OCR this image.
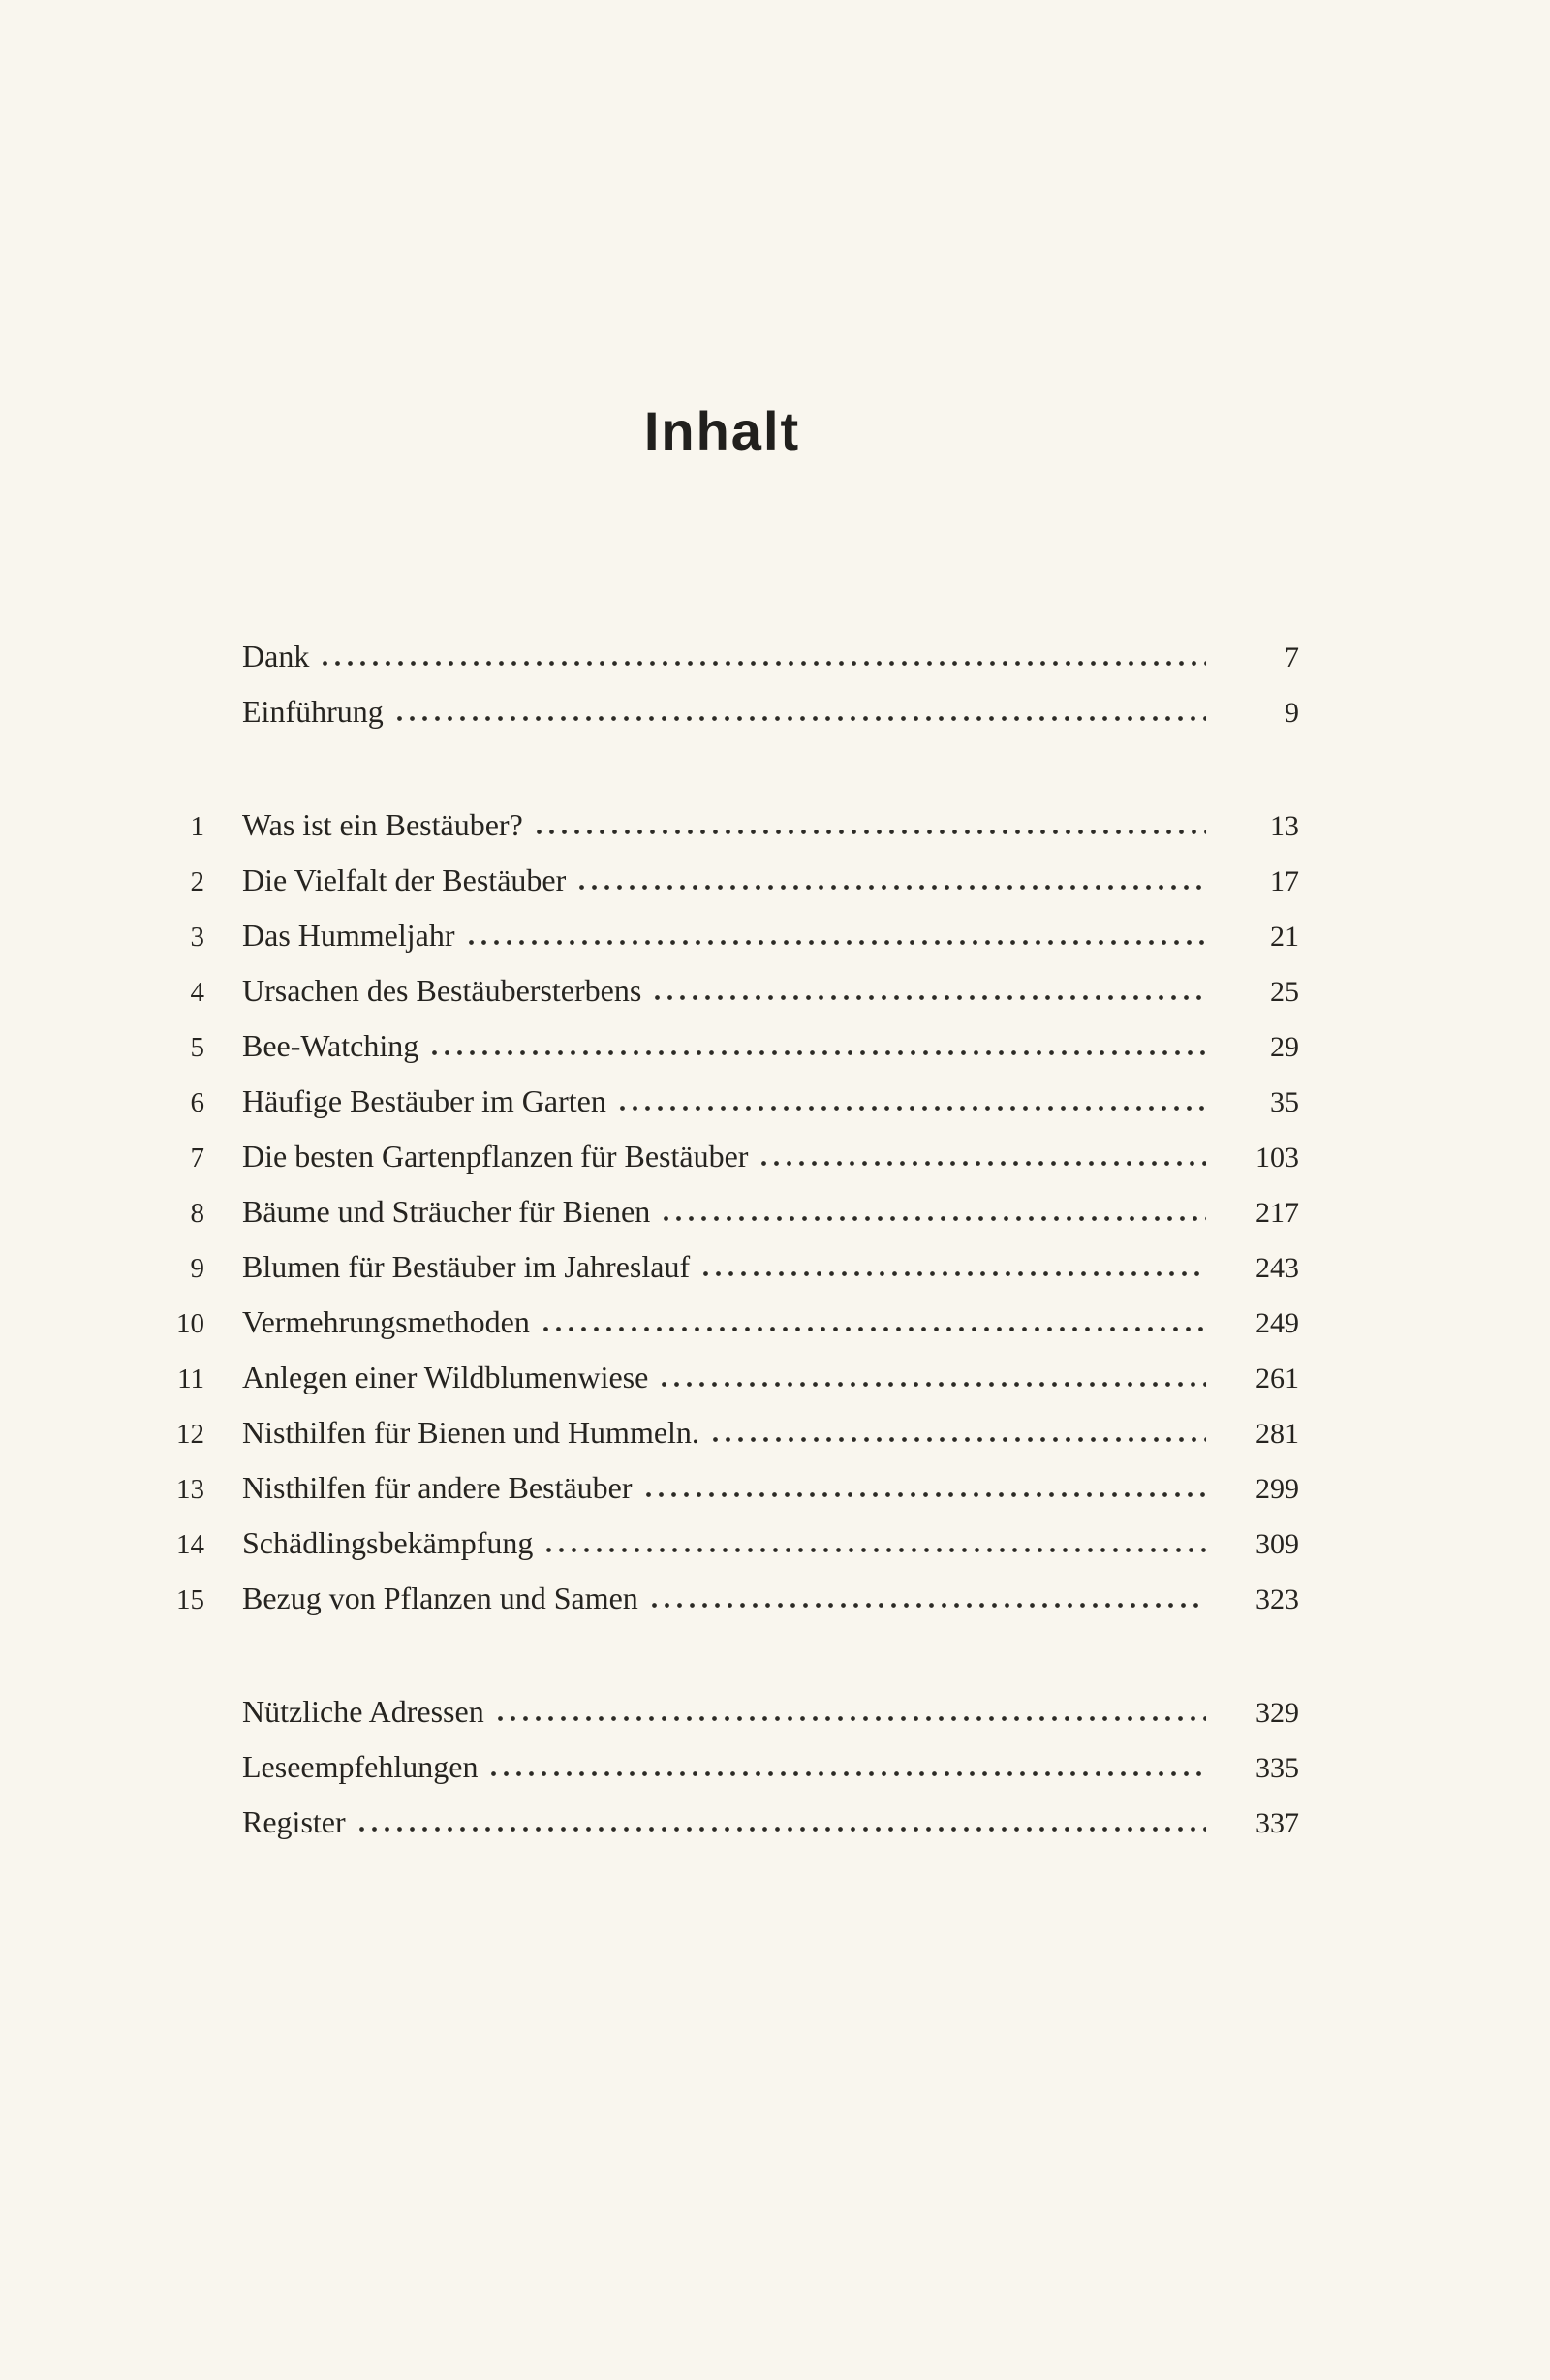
Inhalt
Dank	7
Einführung	9
1 Was ist ein Bestäuber?	13
2 Die Vielfalt der Bestäuber	17
3 Das Hummeljahr	21
4 Ursachen des Bestäubersterbens	25
5 Bee-Watching	29
6 Häufige Bestäuber im Garten	35
7 Die besten Gartenpflanzen für Bestäuber	103
8 Bäume und Sträucher für Bienen	217
9 Blumen für Bestäuber im Jahreslauf	243
10 Vermehrungsmethoden	249
11 Anlegen einer Wildblumenwiese	261
12 Nisthilfen für Bienen und Hummeln.	281
13 Nisthilfen für andere Bestäuber	299
14 Schädlingsbekämpfung	309
15 Bezug von Pflanzen und Samen	323
Nützliche Adressen	329
Leseempfehlungen	335
Register	337
